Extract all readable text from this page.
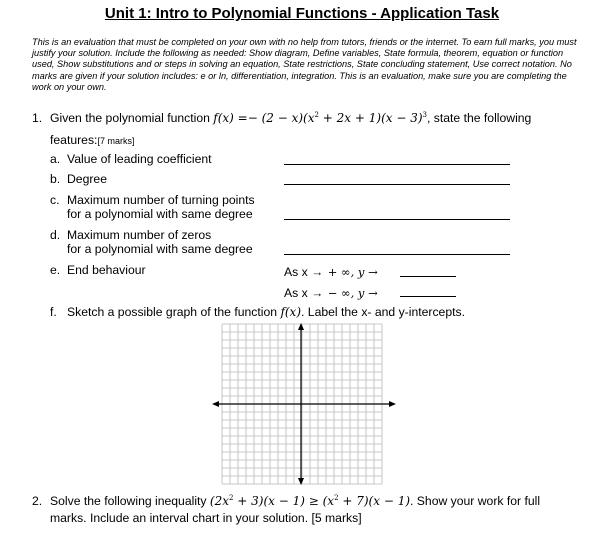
Unit 1: Intro to Polynomial Functions - Application Task
This is an evaluation that must be completed on your own with no help from tutors, friends or the internet. To earn full marks, you must justify your solution. Include the following as needed: Show diagram, Define variables, State formula, theorem, equation or function used, Show substitutions and or steps in solving an equation, State restrictions, State concluding statement, Use correct notation. No marks are given if your solution includes: e or ln, differentiation, integration. This is an evaluation, make sure you are completing the work on your own.
1. Given the polynomial function $f(x) =- (2 - x)(x^2 + 2x + 1)(x - 3)^3$, state the following
features:[7 marks]
a. Value of leading coefficient
b. Degree
c. Maximum number of turning points
for a polynomial with same degree
d. Maximum number of zeros
for a polynomial with same degree
e. End behaviour	As x → + ∞, y →
As x → − ∞, y →
f. Sketch a possible graph of the function f(x). Label the x- and y-intercepts.
2. Solve the following inequality $(2x^2 + 3)(x - 1) \ge (x^2 + 7)(x - 1)$. Show your work for full
marks. Include an interval chart in your solution. [5 marks]
